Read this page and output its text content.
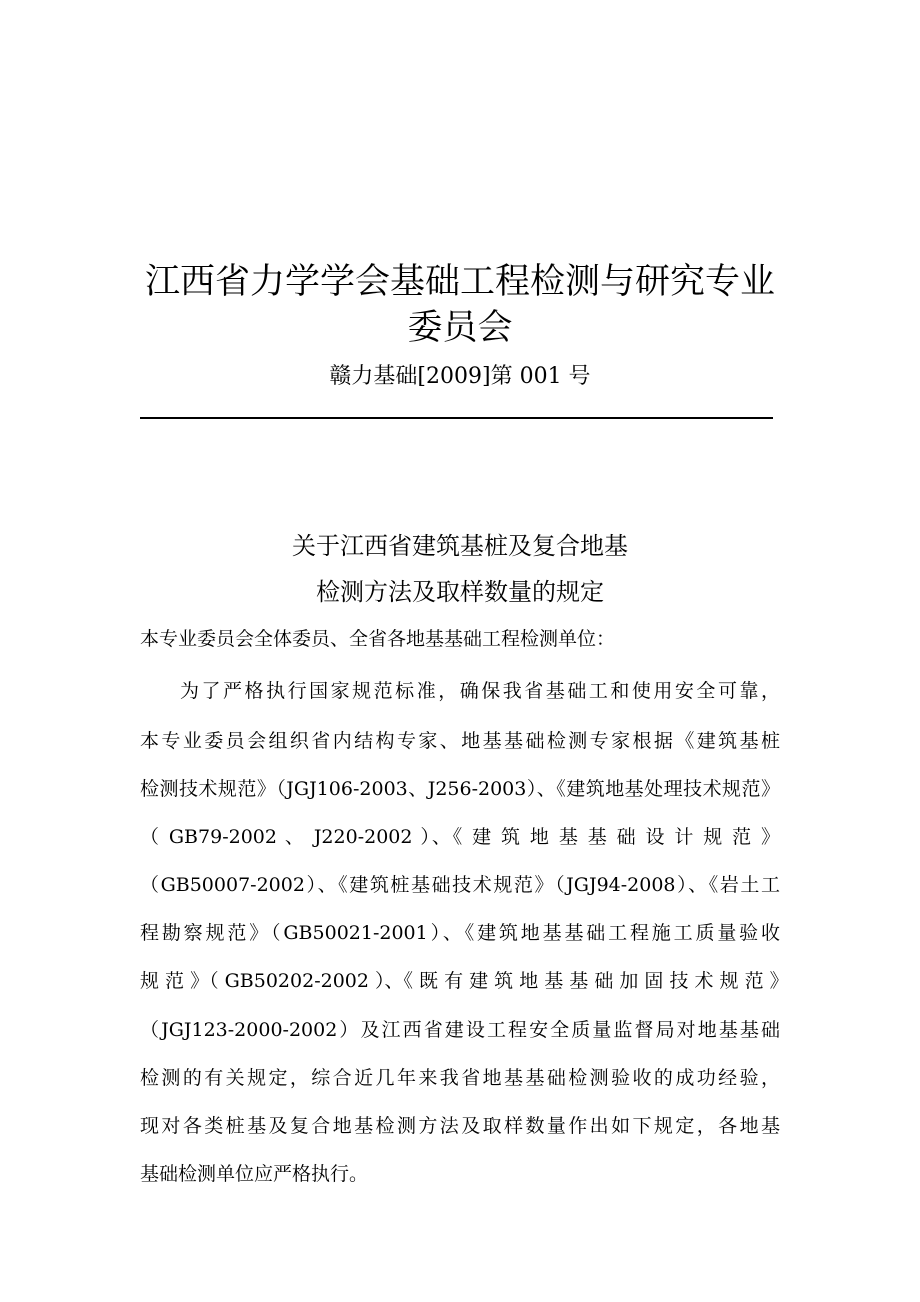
江西省力学学会基础工程检测与研究专业
委员会
赣力基础[2009]第 001 号
关于江西省建筑基桩及复合地基
检测方法及取样数量的规定
本专业委员会全体委员、全省各地基基础工程检测单位：
为了严格执行国家规范标准，确保我省基础工和使用安全可靠，
本专业委员会组织省内结构专家、地基基础检测专家根据《建筑基桩
检测技术规范》（JGJ106-2003、J256-2003）、《建筑地基处理技术规范》
（ GB79-2002 、 J220-2002 ）、《 建 筑 地 基 基 础 设 计 规 范 》
（GB50007-2002）、《建筑桩基础技术规范》（JGJ94-2008）、《岩土工
程勘察规范》（GB50021-2001）、《建筑地基基础工程施工质量验收
规 范 》（ GB50202-2002 ）、《 既 有 建 筑 地 基 基 础 加 固 技 术 规 范 》
（JGJ123-2000-2002）及江西省建设工程安全质量监督局对地基基础
检测的有关规定，综合近几年来我省地基基础检测验收的成功经验，
现对各类桩基及复合地基检测方法及取样数量作出如下规定，各地基
基础检测单位应严格执行。
